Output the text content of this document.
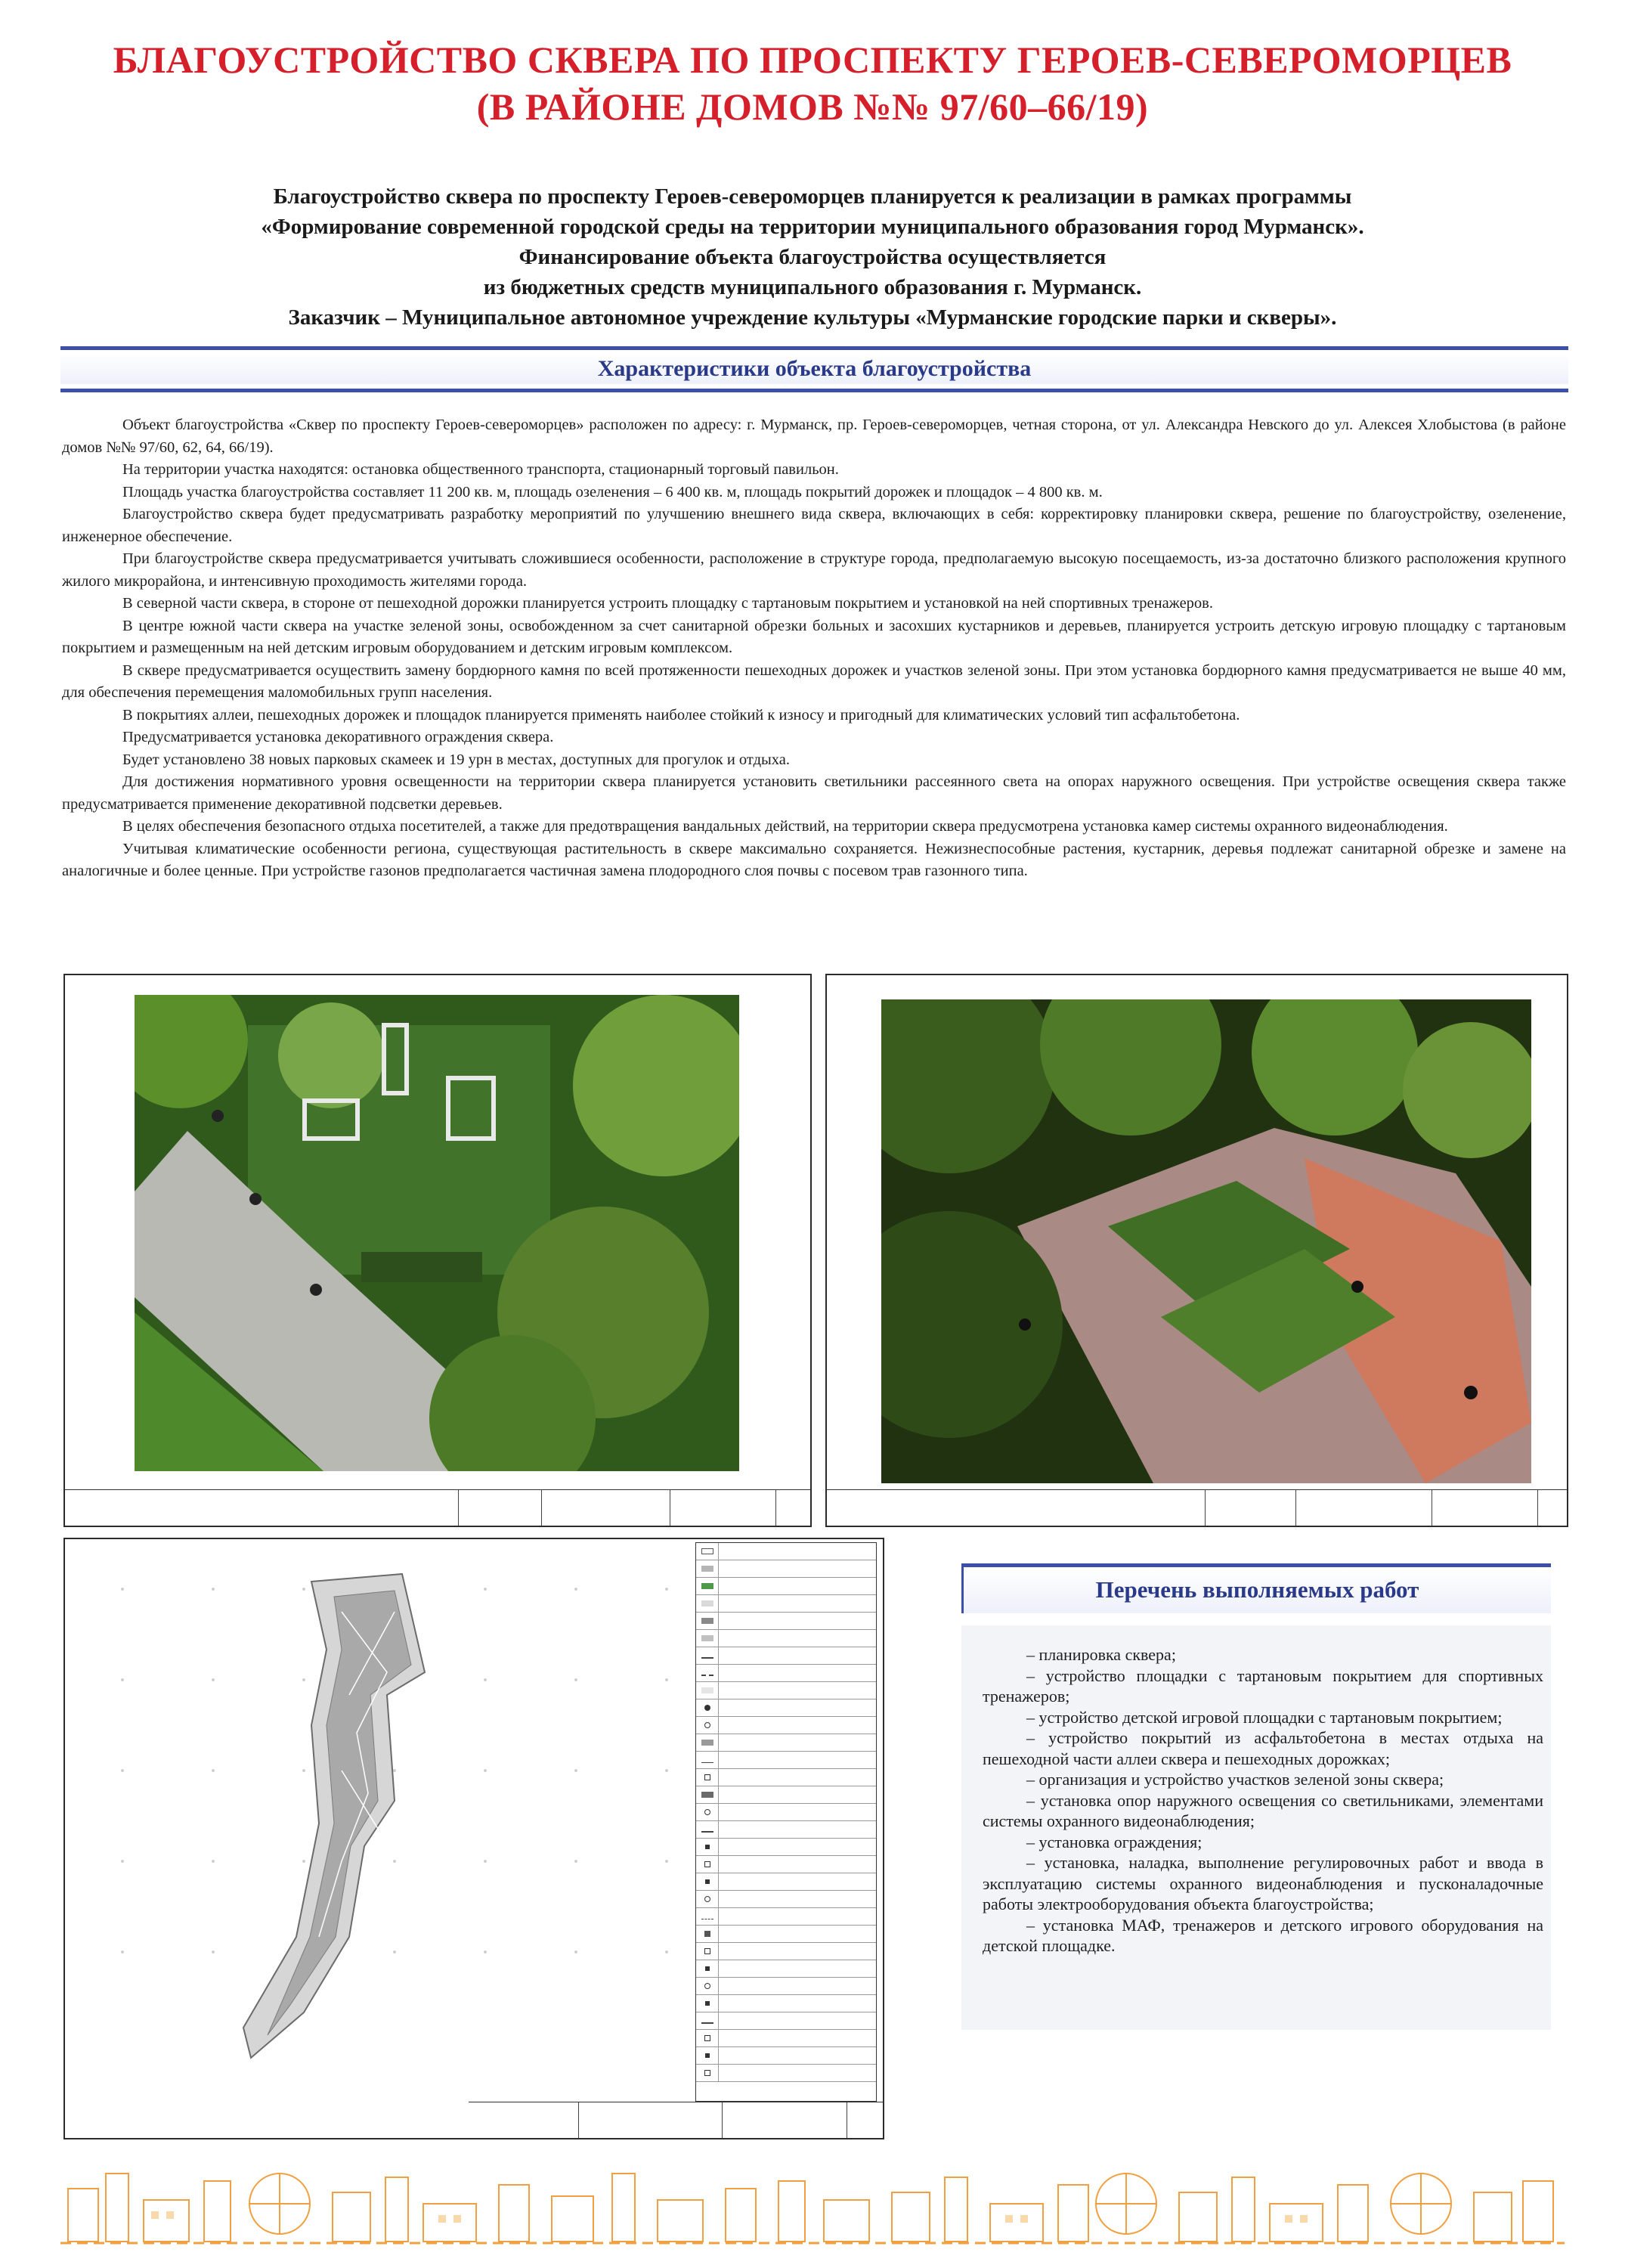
БЛАГОУСТРОЙСТВО СКВЕРА ПО ПРОСПЕКТУ ГЕРОЕВ-СЕВЕРОМОРЦЕВ
(В РАЙОНЕ ДОМОВ №№ 97/60–66/19)
Благоустройство сквера по проспекту Героев-североморцев планируется к реализации в рамках программы
«Формирование современной городской среды на территории муниципального образования город Мурманск».
Финансирование объекта благоустройства осуществляется
из бюджетных средств муниципального образования г. Мурманск.
Заказчик – Муниципальное автономное учреждение культуры «Мурманские городские парки и скверы».
Характеристики объекта благоустройства

Объект благоустройства «Сквер по проспекту Героев-североморцев» расположен по адресу: г. Мурманск, пр. Героев-североморцев, четная сторона, от ул. Александра Невского до ул. Алексея Хлобыстова (в районе домов №№ 97/60, 62, 64, 66/19).

На территории участка находятся: остановка общественного транспорта, стационарный торговый павильон.

Площадь участка благоустройства составляет 11 200 кв. м, площадь озеленения – 6 400 кв. м, площадь покрытий дорожек и площадок – 4 800 кв. м.

Благоустройство сквера будет предусматривать разработку мероприятий по улучшению внешнего вида сквера, включающих в себя: корректировку планировки сквера, решение по благоустройству, озеленение, инженерное обеспечение.

При благоустройстве сквера предусматривается учитывать сложившиеся особенности, расположение в структуре города, предполагаемую высокую посещаемость, из-за достаточно близкого расположения крупного жилого микрорайона, и интенсивную проходимость жителями города.

В северной части сквера, в стороне от пешеходной дорожки планируется устроить площадку с тартановым покрытием и установкой на ней спортивных тренажеров.

В центре южной части сквера на участке зеленой зоны, освобожденном за счет санитарной обрезки больных и засохших кустарников и деревьев, планируется устроить детскую игровую площадку с тартановым покрытием и размещенным на ней детским игровым оборудованием и детским игровым комплексом.

В сквере предусматривается осуществить замену бордюрного камня по всей протяженности пешеходных дорожек и участков зеленой зоны. При этом установка бордюрного камня предусматривается не выше 40 мм, для обеспечения перемещения маломобильных групп населения.

В покрытиях аллеи, пешеходных дорожек и площадок планируется применять наиболее стойкий к износу и пригодный для климатических условий тип асфальтобетона.

Предусматривается установка декоративного ограждения сквера.

Будет установлено 38 новых парковых скамеек и 19 урн в местах, доступных для прогулок и отдыха.

Для достижения нормативного уровня освещенности на территории сквера планируется установить светильники рассеянного света на опорах наружного освещения. При устройстве освещения сквера также предусматривается применение декоративной подсветки деревьев.

В целях обеспечения безопасного отдыха посетителей, а также для предотвращения вандальных действий, на территории сквера предусмотрена установка камер системы охранного видеонаблюдения.

Учитывая климатические особенности региона, существующая растительность в сквере максимально сохраняется. Нежизнеспособные растения, кустарник, деревья подлежат санитарной обрезке и замене на аналогичные и более ценные. При устройстве газонов предполагается частичная замена плодородного слоя почвы с посевом трав газонного типа.

Перечень выполняемых работ

– планировка сквера;

– устройство площадки с тартановым покрытием для спортивных тренажеров;

– устройство детской игровой площадки с тартановым покрытием;

– устройство покрытий из асфальтобетона в местах отдыха на пешеходной части аллеи сквера и пешеходных дорожках;

– организация и устройство участков зеленой зоны сквера;

– установка опор наружного освещения со светильниками, элементами системы охранного видеонаблюдения;

– установка ограждения;

– установка, наладка, выполнение регулировочных работ и ввода в эксплуатацию системы охранного видеонаблюдения и пусконаладочные работы электрооборудования объекта благоустройства;

– установка МАФ, тренажеров и детского игрового оборудования на детской площадке.
